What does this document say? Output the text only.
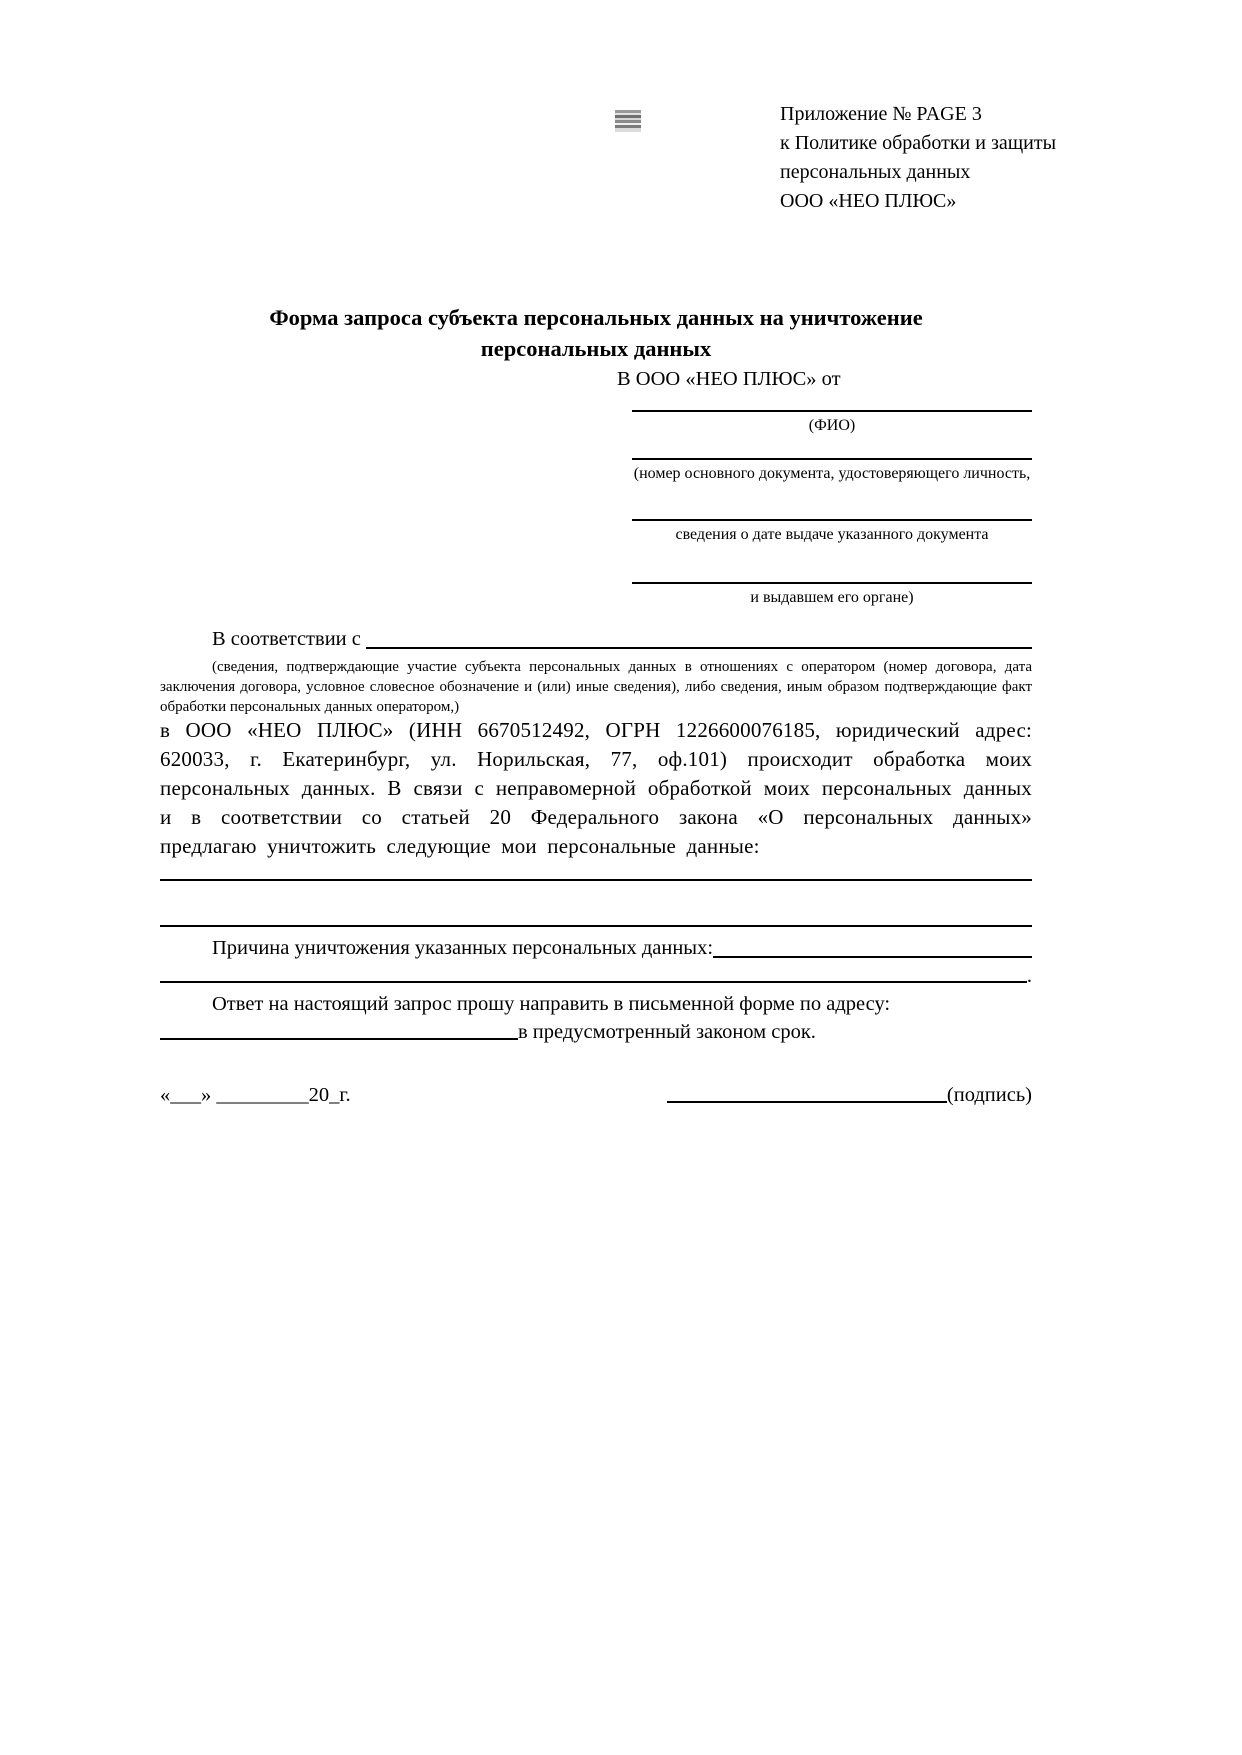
Приложение № PAGE 3
к Политике обработки и защиты
персональных данных
ООО «НЕО ПЛЮС»
Форма запроса субъекта персональных данных на уничтожение
персональных данных
В ООО «НЕО ПЛЮС» от
(ФИО)
(номер основного документа, удостоверяющего личность,
сведения о дате выдаче указанного документа
и выдавшем его органе)
В соответствии с
(сведения, подтверждающие участие субъекта персональных данных в отношениях с оператором (номер договора, дата заключения договора, условное словесное обозначение и (или) иные сведения), либо сведения, иным образом подтверждающие факт обработки персональных данных оператором,)
в ООО «НЕО ПЛЮС» (ИНН 6670512492, ОГРН 1226600076185, юридический адрес: 620033, г. Екатеринбург, ул. Норильская, 77, оф.101) происходит обработка моих персональных данных. В связи с неправомерной обработкой моих персональных данных и в соответствии со статьей 20 Федерального закона «О персональных данных» предлагаю уничтожить следующие мои персональные данные:
Причина уничтожения указанных персональных данных:
.
Ответ на настоящий запрос прошу направить в письменной форме по адресу:
в предусмотренный законом срок.
«___» _________20_г.	(подпись)
